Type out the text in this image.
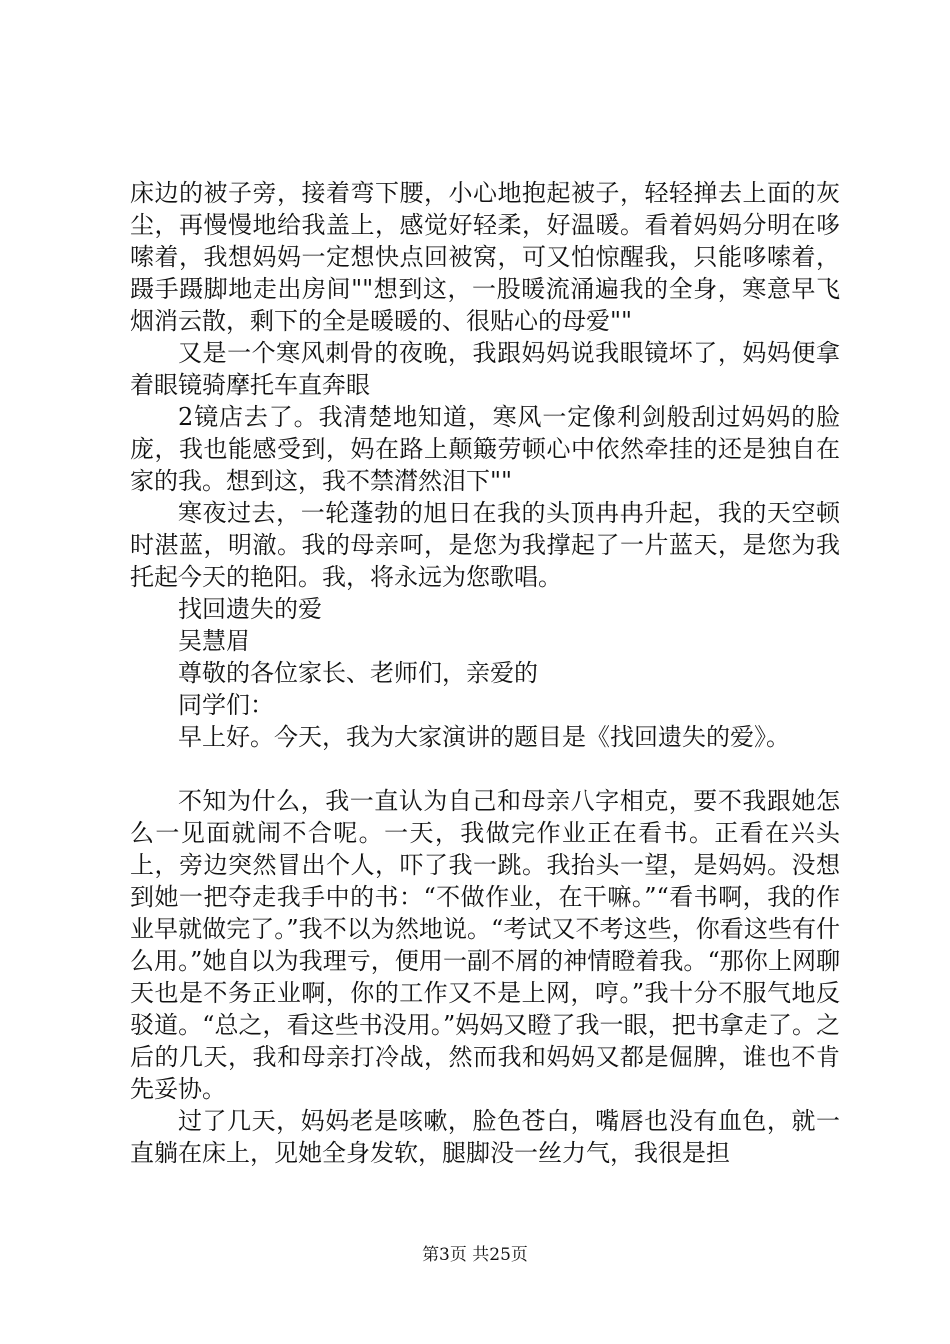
床边的被子旁，接着弯下腰，小心地抱起被子，轻轻掸去上面的灰尘，再慢慢地给我盖上，感觉好轻柔，好温暖。看着妈妈分明在哆嗦着，我想妈妈一定想快点回被窝，可又怕惊醒我，只能哆嗦着，蹑手蹑脚地走出房间""想到这，一股暖流涌遍我的全身，寒意早飞烟消云散，剩下的全是暖暖的、很贴心的母爱""

又是一个寒风刺骨的夜晚，我跟妈妈说我眼镜坏了，妈妈便拿着眼镜骑摩托车直奔眼

2镜店去了。我清楚地知道，寒风一定像利剑般刮过妈妈的脸庞，我也能感受到，妈在路上颠簸劳顿心中依然牵挂的还是独自在家的我。想到这，我不禁潸然泪下""

寒夜过去，一轮蓬勃的旭日在我的头顶冉冉升起，我的天空顿时湛蓝，明澈。我的母亲呵，是您为我撑起了一片蓝天，是您为我托起今天的艳阳。我，将永远为您歌唱。

找回遗失的爱

吴慧眉

尊敬的各位家长、老师们，亲爱的

同学们：

早上好。今天，我为大家演讲的题目是《找回遗失的爱》。

不知为什么，我一直认为自己和母亲八字相克，要不我跟她怎么一见面就闹不合呢。一天，我做完作业正在看书。正看在兴头上，旁边突然冒出个人，吓了我一跳。我抬头一望，是妈妈。没想到她一把夺走我手中的书：“不做作业，在干嘛。”“看书啊，我的作业早就做完了。”我不以为然地说。“考试又不考这些，你看这些有什么用。”她自以为我理亏，便用一副不屑的神情瞪着我。“那你上网聊天也是不务正业啊，你的工作又不是上网，哼。”我十分不服气地反驳道。“总之，看这些书没用。”妈妈又瞪了我一眼，把书拿走了。之后的几天，我和母亲打冷战，然而我和妈妈又都是倔脾，谁也不肯先妥协。

过了几天，妈妈老是咳嗽，脸色苍白，嘴唇也没有血色，就一直躺在床上，见她全身发软，腿脚没一丝力气，我很是担

第3页 共25页
